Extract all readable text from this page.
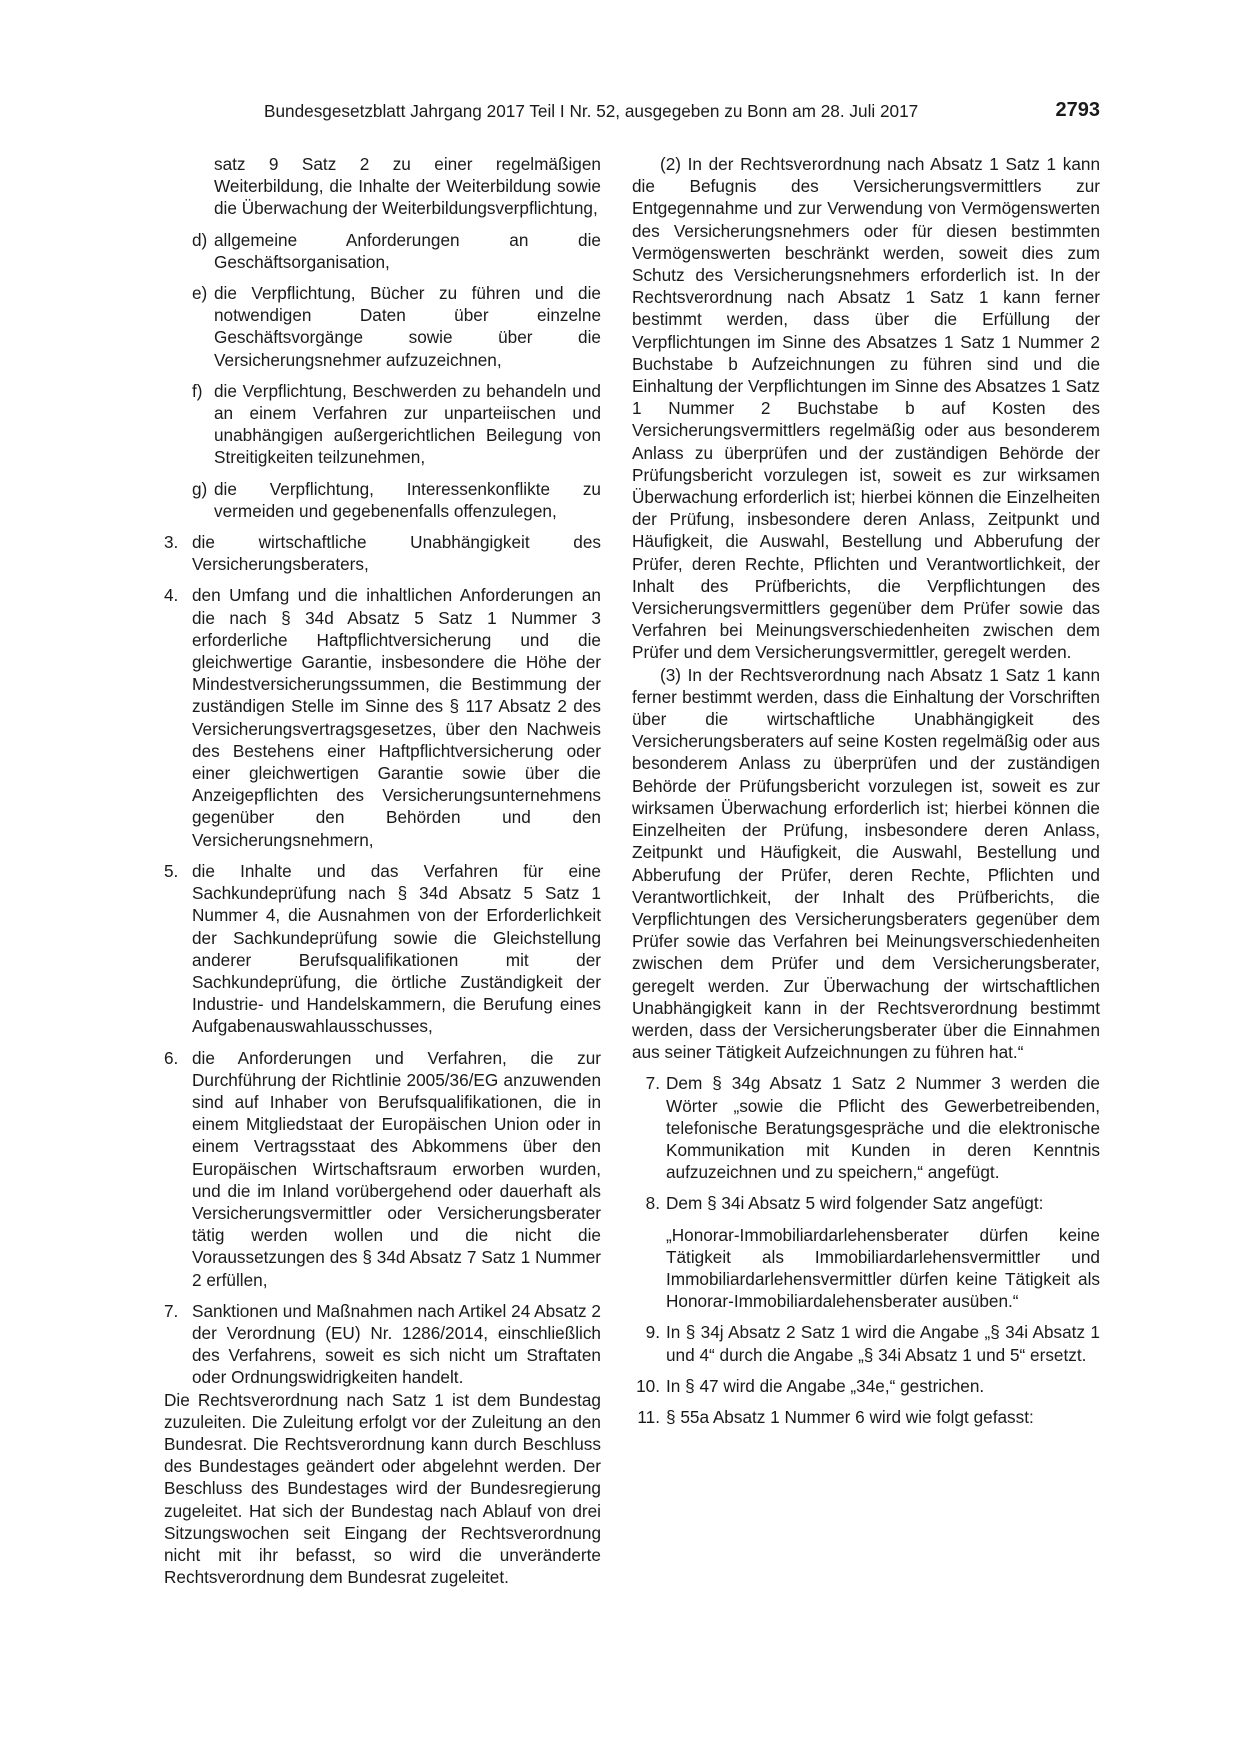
Bundesgesetzblatt Jahrgang 2017 Teil I Nr. 52, ausgegeben zu Bonn am 28. Juli 2017	2793

satz 9 Satz 2 zu einer regelmäßigen Weiterbildung, die Inhalte der Weiterbildung sowie die Überwachung der Weiterbildungsverpflichtung,

d) allgemeine Anforderungen an die Geschäftsorganisation,
e) die Verpflichtung, Bücher zu führen und die notwendigen Daten über einzelne Geschäftsvorgänge sowie über die Versicherungsnehmer aufzuzeichnen,
f) die Verpflichtung, Beschwerden zu behandeln und an einem Verfahren zur unparteiischen und unabhängigen außergerichtlichen Beilegung von Streitigkeiten teilzunehmen,
g) die Verpflichtung, Interessenkonflikte zu vermeiden und gegebenenfalls offenzulegen,
3. die wirtschaftliche Unabhängigkeit des Versicherungsberaters,
4. den Umfang und die inhaltlichen Anforderungen an die nach § 34d Absatz 5 Satz 1 Nummer 3 erforderliche Haftpflichtversicherung und die gleichwertige Garantie, insbesondere die Höhe der Mindestversicherungssummen, die Bestimmung der zuständigen Stelle im Sinne des § 117 Absatz 2 des Versicherungsvertragsgesetzes, über den Nachweis des Bestehens einer Haftpflichtversicherung oder einer gleichwertigen Garantie sowie über die Anzeigepflichten des Versicherungsunternehmens gegenüber den Behörden und den Versicherungsnehmern,
5. die Inhalte und das Verfahren für eine Sachkundeprüfung nach § 34d Absatz 5 Satz 1 Nummer 4, die Ausnahmen von der Erforderlichkeit der Sachkundeprüfung sowie die Gleichstellung anderer Berufsqualifikationen mit der Sachkundeprüfung, die örtliche Zuständigkeit der Industrie- und Handelskammern, die Berufung eines Aufgabenauswahlausschusses,
6. die Anforderungen und Verfahren, die zur Durchführung der Richtlinie 2005/36/EG anzuwenden sind auf Inhaber von Berufsqualifikationen, die in einem Mitgliedstaat der Europäischen Union oder in einem Vertragsstaat des Abkommens über den Europäischen Wirtschaftsraum erworben wurden, und die im Inland vorübergehend oder dauerhaft als Versicherungsvermittler oder Versicherungsberater tätig werden wollen und die nicht die Voraussetzungen des § 34d Absatz 7 Satz 1 Nummer 2 erfüllen,
7. Sanktionen und Maßnahmen nach Artikel 24 Absatz 2 der Verordnung (EU) Nr. 1286/2014, einschließlich des Verfahrens, soweit es sich nicht um Straftaten oder Ordnungswidrigkeiten handelt.

Die Rechtsverordnung nach Satz 1 ist dem Bundestag zuzuleiten. Die Zuleitung erfolgt vor der Zuleitung an den Bundesrat. Die Rechtsverordnung kann durch Beschluss des Bundestages geändert oder abgelehnt werden. Der Beschluss des Bundestages wird der Bundesregierung zugeleitet. Hat sich der Bundestag nach Ablauf von drei Sitzungswochen seit Eingang der Rechtsverordnung nicht mit ihr befasst, so wird die unveränderte Rechtsverordnung dem Bundesrat zugeleitet.

(2) In der Rechtsverordnung nach Absatz 1 Satz 1 kann die Befugnis des Versicherungsvermittlers zur Entgegennahme und zur Verwendung von Vermögenswerten des Versicherungsnehmers oder für diesen bestimmten Vermögenswerten beschränkt werden, soweit dies zum Schutz des Versicherungsnehmers erforderlich ist. In der Rechtsverordnung nach Absatz 1 Satz 1 kann ferner bestimmt werden, dass über die Erfüllung der Verpflichtungen im Sinne des Absatzes 1 Satz 1 Nummer 2 Buchstabe b Aufzeichnungen zu führen sind und die Einhaltung der Verpflichtungen im Sinne des Absatzes 1 Satz 1 Nummer 2 Buchstabe b auf Kosten des Versicherungsvermittlers regelmäßig oder aus besonderem Anlass zu überprüfen und der zuständigen Behörde der Prüfungsbericht vorzulegen ist, soweit es zur wirksamen Überwachung erforderlich ist; hierbei können die Einzelheiten der Prüfung, insbesondere deren Anlass, Zeitpunkt und Häufigkeit, die Auswahl, Bestellung und Abberufung der Prüfer, deren Rechte, Pflichten und Verantwortlichkeit, der Inhalt des Prüfberichts, die Verpflichtungen des Versicherungsvermittlers gegenüber dem Prüfer sowie das Verfahren bei Meinungsverschiedenheiten zwischen dem Prüfer und dem Versicherungsvermittler, geregelt werden.

(3) In der Rechtsverordnung nach Absatz 1 Satz 1 kann ferner bestimmt werden, dass die Einhaltung der Vorschriften über die wirtschaftliche Unabhängigkeit des Versicherungsberaters auf seine Kosten regelmäßig oder aus besonderem Anlass zu überprüfen und der zuständigen Behörde der Prüfungsbericht vorzulegen ist, soweit es zur wirksamen Überwachung erforderlich ist; hierbei können die Einzelheiten der Prüfung, insbesondere deren Anlass, Zeitpunkt und Häufigkeit, die Auswahl, Bestellung und Abberufung der Prüfer, deren Rechte, Pflichten und Verantwortlichkeit, der Inhalt des Prüfberichts, die Verpflichtungen des Versicherungsberaters gegenüber dem Prüfer sowie das Verfahren bei Meinungsverschiedenheiten zwischen dem Prüfer und dem Versicherungsberater, geregelt werden. Zur Überwachung der wirtschaftlichen Unabhängigkeit kann in der Rechtsverordnung bestimmt werden, dass der Versicherungsberater über die Einnahmen aus seiner Tätigkeit Aufzeichnungen zu führen hat.“

7. Dem § 34g Absatz 1 Satz 2 Nummer 3 werden die Wörter „sowie die Pflicht des Gewerbetreibenden, telefonische Beratungsgespräche und die elektronische Kommunikation mit Kunden in deren Kenntnis aufzuzeichnen und zu speichern,“ angefügt.
8. Dem § 34i Absatz 5 wird folgender Satz angefügt:
„Honorar-Immobiliardarlehensberater dürfen keine Tätigkeit als Immobiliardarlehensvermittler und Immobiliardarlehensvermittler dürfen keine Tätigkeit als Honorar-Immobiliardalehensberater ausüben.“
9. In § 34j Absatz 2 Satz 1 wird die Angabe „§ 34i Absatz 1 und 4“ durch die Angabe „§ 34i Absatz 1 und 5“ ersetzt.
10. In § 47 wird die Angabe „34e,“ gestrichen.
11. § 55a Absatz 1 Nummer 6 wird wie folgt gefasst:
